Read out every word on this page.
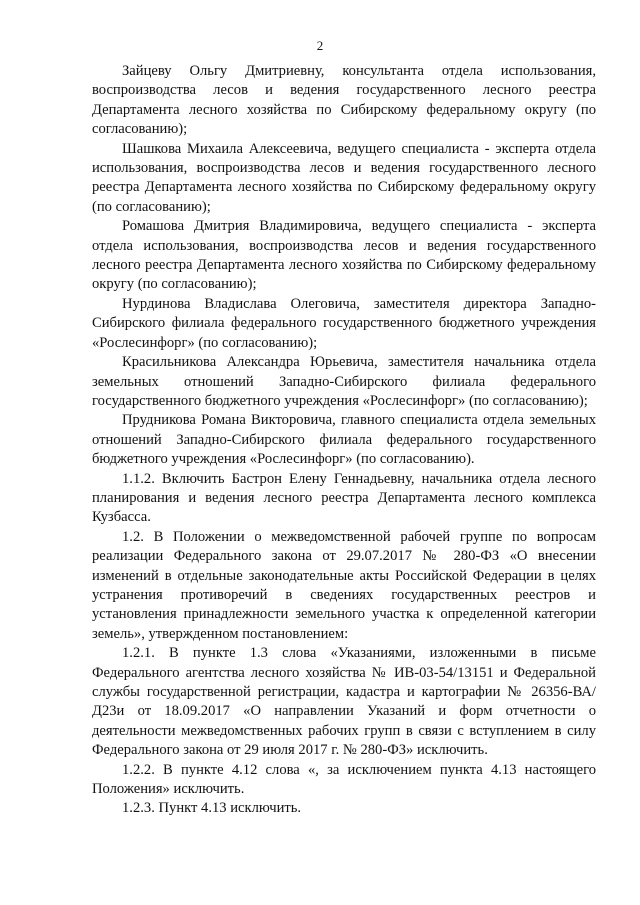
2

Зайцеву Ольгу Дмитриевну, консультанта отдела использования, воспроизводства лесов и ведения государственного лесного реестра Департамента лесного хозяйства по Сибирскому федеральному округу (по согласованию);

Шашкова Михаила Алексеевича, ведущего специалиста - эксперта отдела использования, воспроизводства лесов и ведения государственного лесного реестра Департамента лесного хозяйства по Сибирскому федеральному округу (по согласованию);

Ромашова Дмитрия Владимировича, ведущего специалиста - эксперта отдела использования, воспроизводства лесов и ведения государственного лесного реестра Департамента лесного хозяйства по Сибирскому федеральному округу (по согласованию);

Нурдинова Владислава Олеговича, заместителя директора Западно-Сибирского филиала федерального государственного бюджетного учреждения «Рослесинфорг» (по согласованию);

Красильникова Александра Юрьевича, заместителя начальника отдела земельных отношений Западно-Сибирского филиала федерального государственного бюджетного учреждения «Рослесинфорг» (по согласованию);

Прудникова Романа Викторовича, главного специалиста отдела земельных отношений Западно-Сибирского филиала федерального государственного бюджетного учреждения «Рослесинфорг» (по согласованию).

1.1.2. Включить Бастрон Елену Геннадьевну, начальника отдела лесного планирования и ведения лесного реестра Департамента лесного комплекса Кузбасса.

1.2. В Положении о межведомственной рабочей группе по вопросам реализации Федерального закона от 29.07.2017 № 280-ФЗ «О внесении изменений в отдельные законодательные акты Российской Федерации в целях устранения противоречий в сведениях государственных реестров и установления принадлежности земельного участка к определенной категории земель», утвержденном постановлением:

1.2.1. В пункте 1.3 слова «Указаниями, изложенными в письме Федерального агентства лесного хозяйства № ИВ-03-54/13151 и Федеральной службы государственной регистрации, кадастра и картографии № 26356-ВА/Д23и от 18.09.2017 «О направлении Указаний и форм отчетности о деятельности межведомственных рабочих групп в связи с вступлением в силу Федерального закона от 29 июля 2017 г. № 280-ФЗ» исключить.

1.2.2. В пункте 4.12 слова «, за исключением пункта 4.13 настоящего Положения» исключить.

1.2.3. Пункт 4.13 исключить.
